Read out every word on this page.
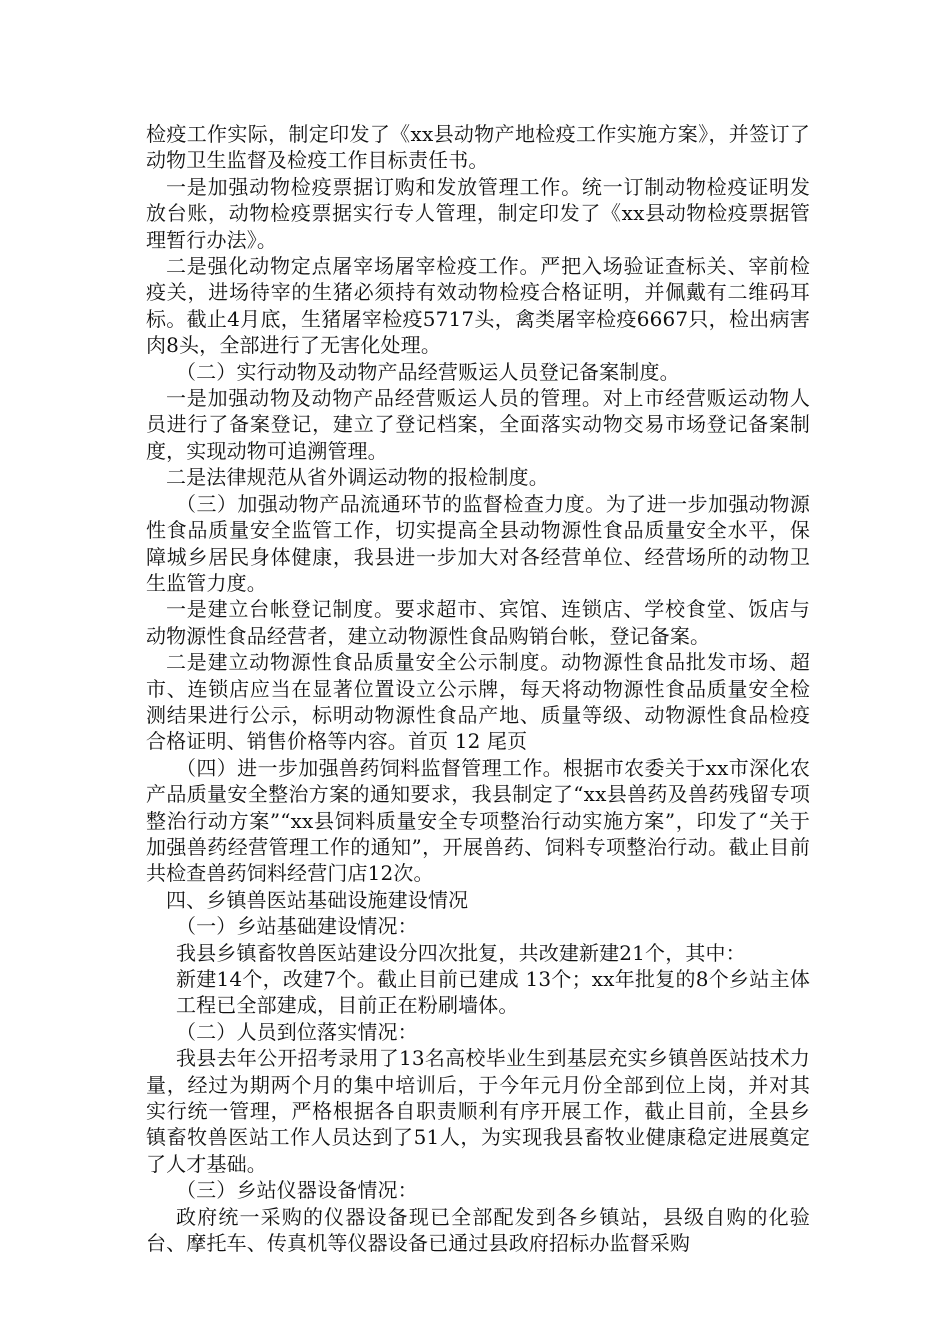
检疫工作实际，制定印发了《xx县动物产地检疫工作实施方案》，并签订了动物卫生监督及检疫工作目标责任书。

一是加强动物检疫票据订购和发放管理工作。统一订制动物检疫证明发放台账，动物检疫票据实行专人管理，制定印发了《xx县动物检疫票据管理暂行办法》。

二是强化动物定点屠宰场屠宰检疫工作。严把入场验证查标关、宰前检疫关，进场待宰的生猪必须持有效动物检疫合格证明，并佩戴有二维码耳标。截止4月底，生猪屠宰检疫5717头，禽类屠宰检疫6667只，检出病害肉8头，全部进行了无害化处理。

（二）实行动物及动物产品经营贩运人员登记备案制度。

一是加强动物及动物产品经营贩运人员的管理。对上市经营贩运动物人员进行了备案登记，建立了登记档案，全面落实动物交易市场登记备案制度，实现动物可追溯管理。

二是法律规范从省外调运动物的报检制度。

（三）加强动物产品流通环节的监督检查力度。为了进一步加强动物源性食品质量安全监管工作，切实提高全县动物源性食品质量安全水平，保障城乡居民身体健康，我县进一步加大对各经营单位、经营场所的动物卫生监管力度。

一是建立台帐登记制度。要求超市、宾馆、连锁店、学校食堂、饭店与动物源性食品经营者，建立动物源性食品购销台帐，登记备案。

二是建立动物源性食品质量安全公示制度。动物源性食品批发市场、超市、连锁店应当在显著位置设立公示牌，每天将动物源性食品质量安全检测结果进行公示，标明动物源性食品产地、质量等级、动物源性食品检疫合格证明、销售价格等内容。首页 12 尾页

（四）进一步加强兽药饲料监督管理工作。根据市农委关于xx市深化农产品质量安全整治方案的通知要求，我县制定了“xx县兽药及兽药残留专项整治行动方案”“xx县饲料质量安全专项整治行动实施方案”，印发了“关于加强兽药经营管理工作的通知”，开展兽药、饲料专项整治行动。截止目前共检查兽药饲料经营门店12次。

四、乡镇兽医站基础设施建设情况

（一）乡站基础建设情况：

我县乡镇畜牧兽医站建设分四次批复，共改建新建21个，其中：

新建14个，改建7个。截止目前已建成 13个；xx年批复的8个乡站主体工程已全部建成，目前正在粉刷墙体。

（二）人员到位落实情况：

我县去年公开招考录用了13名高校毕业生到基层充实乡镇兽医站技术力量，经过为期两个月的集中培训后，于今年元月份全部到位上岗，并对其实行统一管理，严格根据各自职责顺利有序开展工作，截止目前，全县乡镇畜牧兽医站工作人员达到了51人，为实现我县畜牧业健康稳定进展奠定了人才基础。

（三）乡站仪器设备情况：

政府统一采购的仪器设备现已全部配发到各乡镇站，县级自购的化验台、摩托车、传真机等仪器设备已通过县政府招标办监督采购
